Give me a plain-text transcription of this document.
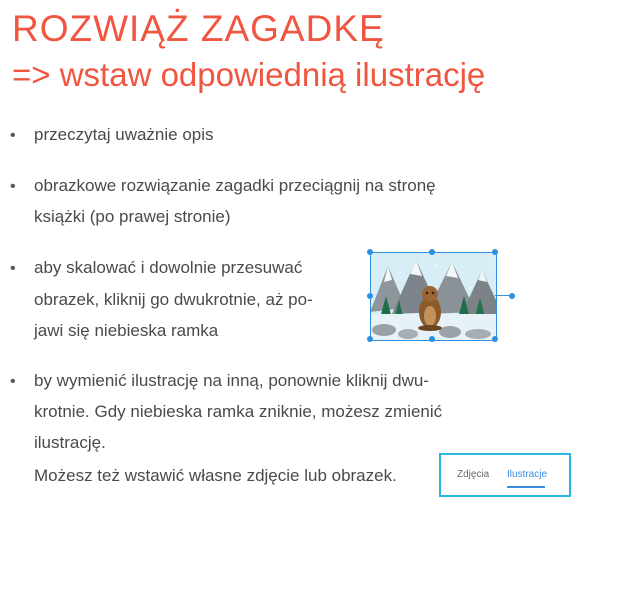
ROZWIĄŻ ZAGADKĘ
=> wstaw odpowiednią ilustrację
• przeczytaj uważnie opis
• obrazkowe rozwiązanie zagadki przeciągnij na stronę
książki (po prawej stronie)
• aby skalować i dowolnie przesuwać
obrazek, kliknij go dwukrotnie, aż po-
jawi się niebieska ramka
• by wymienić ilustrację na inną, ponownie kliknij dwu-
krotnie. Gdy niebieska ramka zniknie, możesz zmienić
ilustrację.
Możesz też wstawić własne zdjęcie lub obrazek.	Zdjęcia Ilustracje
